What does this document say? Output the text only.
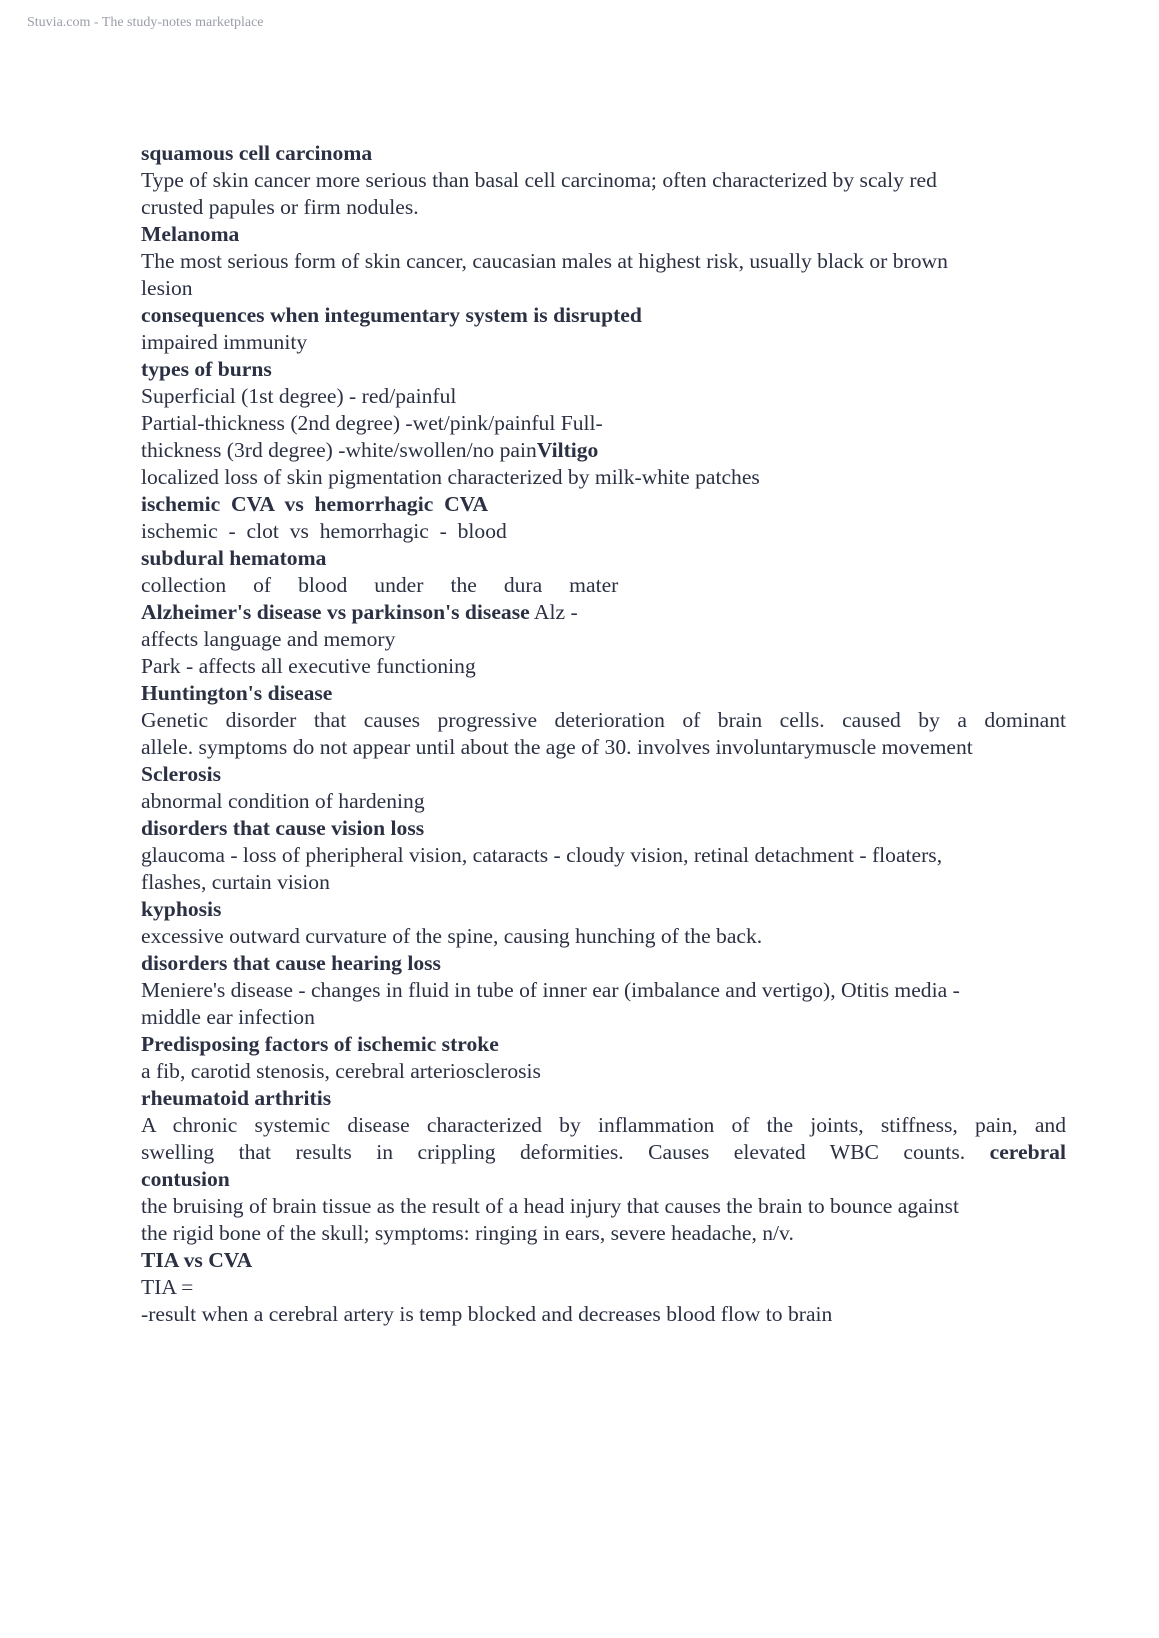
Stuvia.com - The study-notes marketplace
squamous cell carcinoma
Type of skin cancer more serious than basal cell carcinoma; often characterized by scaly red
crusted papules or firm nodules.
Melanoma
The most serious form of skin cancer, caucasian males at highest risk, usually black or brown
lesion
consequences when integumentary system is disrupted
impaired immunity
types of burns
Superficial (1st degree) - red/painful
Partial-thickness (2nd degree) -wet/pink/painful Full-
thickness (3rd degree) -white/swollen/no painViltigo
localized loss of skin pigmentation characterized by milk-white patches
ischemic  CVA  vs  hemorrhagic  CVA
ischemic  -  clot  vs  hemorrhagic  -  blood
subdural hematoma
collection     of     blood     under     the     dura     mater
Alzheimer's disease vs parkinson's disease Alz -
affects language and memory
Park - affects all executive functioning
Huntington's disease
Genetic disorder that causes progressive deterioration of brain cells. caused by a dominant
allele. symptoms do not appear until about the age of 30. involves involuntarymuscle movement
Sclerosis
abnormal condition of hardening
disorders that cause vision loss
glaucoma - loss of pheripheral vision, cataracts - cloudy vision, retinal detachment - floaters,
flashes, curtain vision
kyphosis
excessive outward curvature of the spine, causing hunching of the back.
disorders that cause hearing loss
Meniere's disease - changes in fluid in tube of inner ear (imbalance and vertigo), Otitis media -
middle ear infection
Predisposing factors of ischemic stroke
a fib, carotid stenosis, cerebral arteriosclerosis
rheumatoid arthritis
A chronic systemic disease characterized by inflammation of the joints, stiffness, pain, and
swelling that results in crippling deformities. Causes elevated WBC counts. cerebral
contusion
the bruising of brain tissue as the result of a head injury that causes the brain to bounce against
the rigid bone of the skull; symptoms: ringing in ears, severe headache, n/v.
TIA vs CVA
TIA =
-result when a cerebral artery is temp blocked and decreases blood flow to brain
